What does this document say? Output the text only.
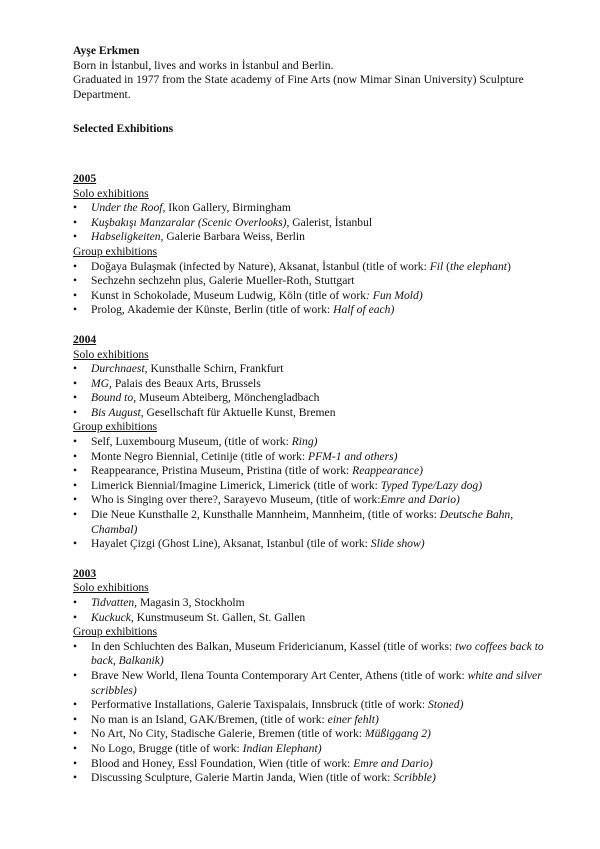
Ayşe Erkmen
Born in İstanbul, lives and works in İstanbul and Berlin.
Graduated in 1977 from the State academy of Fine Arts (now Mimar Sinan University) Sculpture Department.
Selected Exhibitions
2005
Solo exhibitions
• Under the Roof, Ikon Gallery, Birmingham
• Kuşbakışı Manzaralar (Scenic Overlooks), Galerist, İstanbul
• Habseligkeiten, Galerie Barbara Weiss, Berlin
Group exhibitions
• Doğaya Bulaşmak (infected by Nature), Aksanat, İstanbul (title of work: Fil (the elephant)
• Sechzehn sechzehn plus, Galerie Mueller-Roth, Stuttgart
• Kunst in Schokolade, Museum Ludwig, Köln (title of work: Fun Mold)
• Prolog, Akademie der Künste, Berlin (title of work: Half of each)
2004
Solo exhibitions
• Durchnaest, Kunsthalle Schirn, Frankfurt
• MG, Palais des Beaux Arts, Brussels
• Bound to, Museum Abteiberg, Mönchengladbach
• Bis August, Gesellschaft für Aktuelle Kunst, Bremen
Group exhibitions
• Self, Luxembourg Museum, (title of work: Ring)
• Monte Negro Biennial, Cetinije (title of work: PFM-1 and others)
• Reappearance, Pristina Museum, Pristina (title of work: Reappearance)
• Limerick Biennial/Imagine Limerick, Limerick (title of work: Typed Type/Lazy dog)
• Who is Singing over there?, Sarayevo Museum, (title of work:Emre and Dario)
• Die Neue Kunsthalle 2, Kunsthalle Mannheim, Mannheim, (title of works: Deutsche Bahn, Chambal)
• Hayalet Çizgi (Ghost Line), Aksanat, Istanbul (tile of work: Slide show)
2003
Solo exhibitions
• Tidvatten, Magasin 3, Stockholm
• Kuckuck, Kunstmuseum St. Gallen, St. Gallen
Group exhibitions
• In den Schluchten des Balkan, Museum Fridericianum, Kassel (title of works: two coffees back to back, Balkanik)
• Brave New World, Ilena Tounta Contemporary Art Center, Athens (title of work: white and silver scribbles)
• Performative Installations, Galerie Taxispalais, Innsbruck (title of work: Stoned)
• No man is an Island, GAK/Bremen, (title of work: einer fehlt)
• No Art, No City, Stadische Galerie, Bremen (title of work: Müßiggang 2)
• No Logo, Brugge (title of work: Indian Elephant)
• Blood and Honey, Essl Foundation, Wien (title of work: Emre and Dario)
• Discussing Sculpture, Galerie Martin Janda, Wien (title of work: Scribble)
